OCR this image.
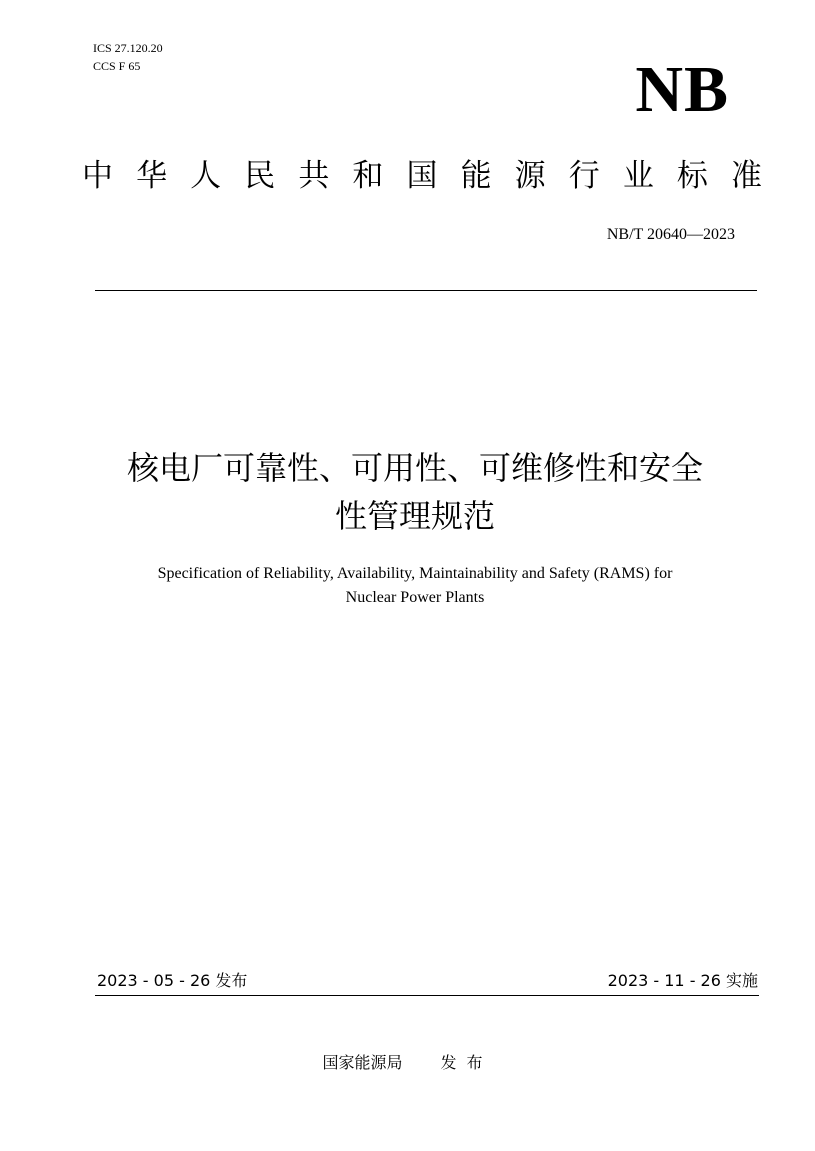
ICS 27.120.20
CCS F 65	NB
中华人民共和国能源行业标准
NB/T 20640—2023
核电厂可靠性、可用性、可维修性和安全
性管理规范
Specification of Reliability, Availability, Maintainability and Safety (RAMS) for
Nuclear Power Plants
2023 - 05 - 26 发布	2023 - 11 - 26 实施
国家能源局 发布
